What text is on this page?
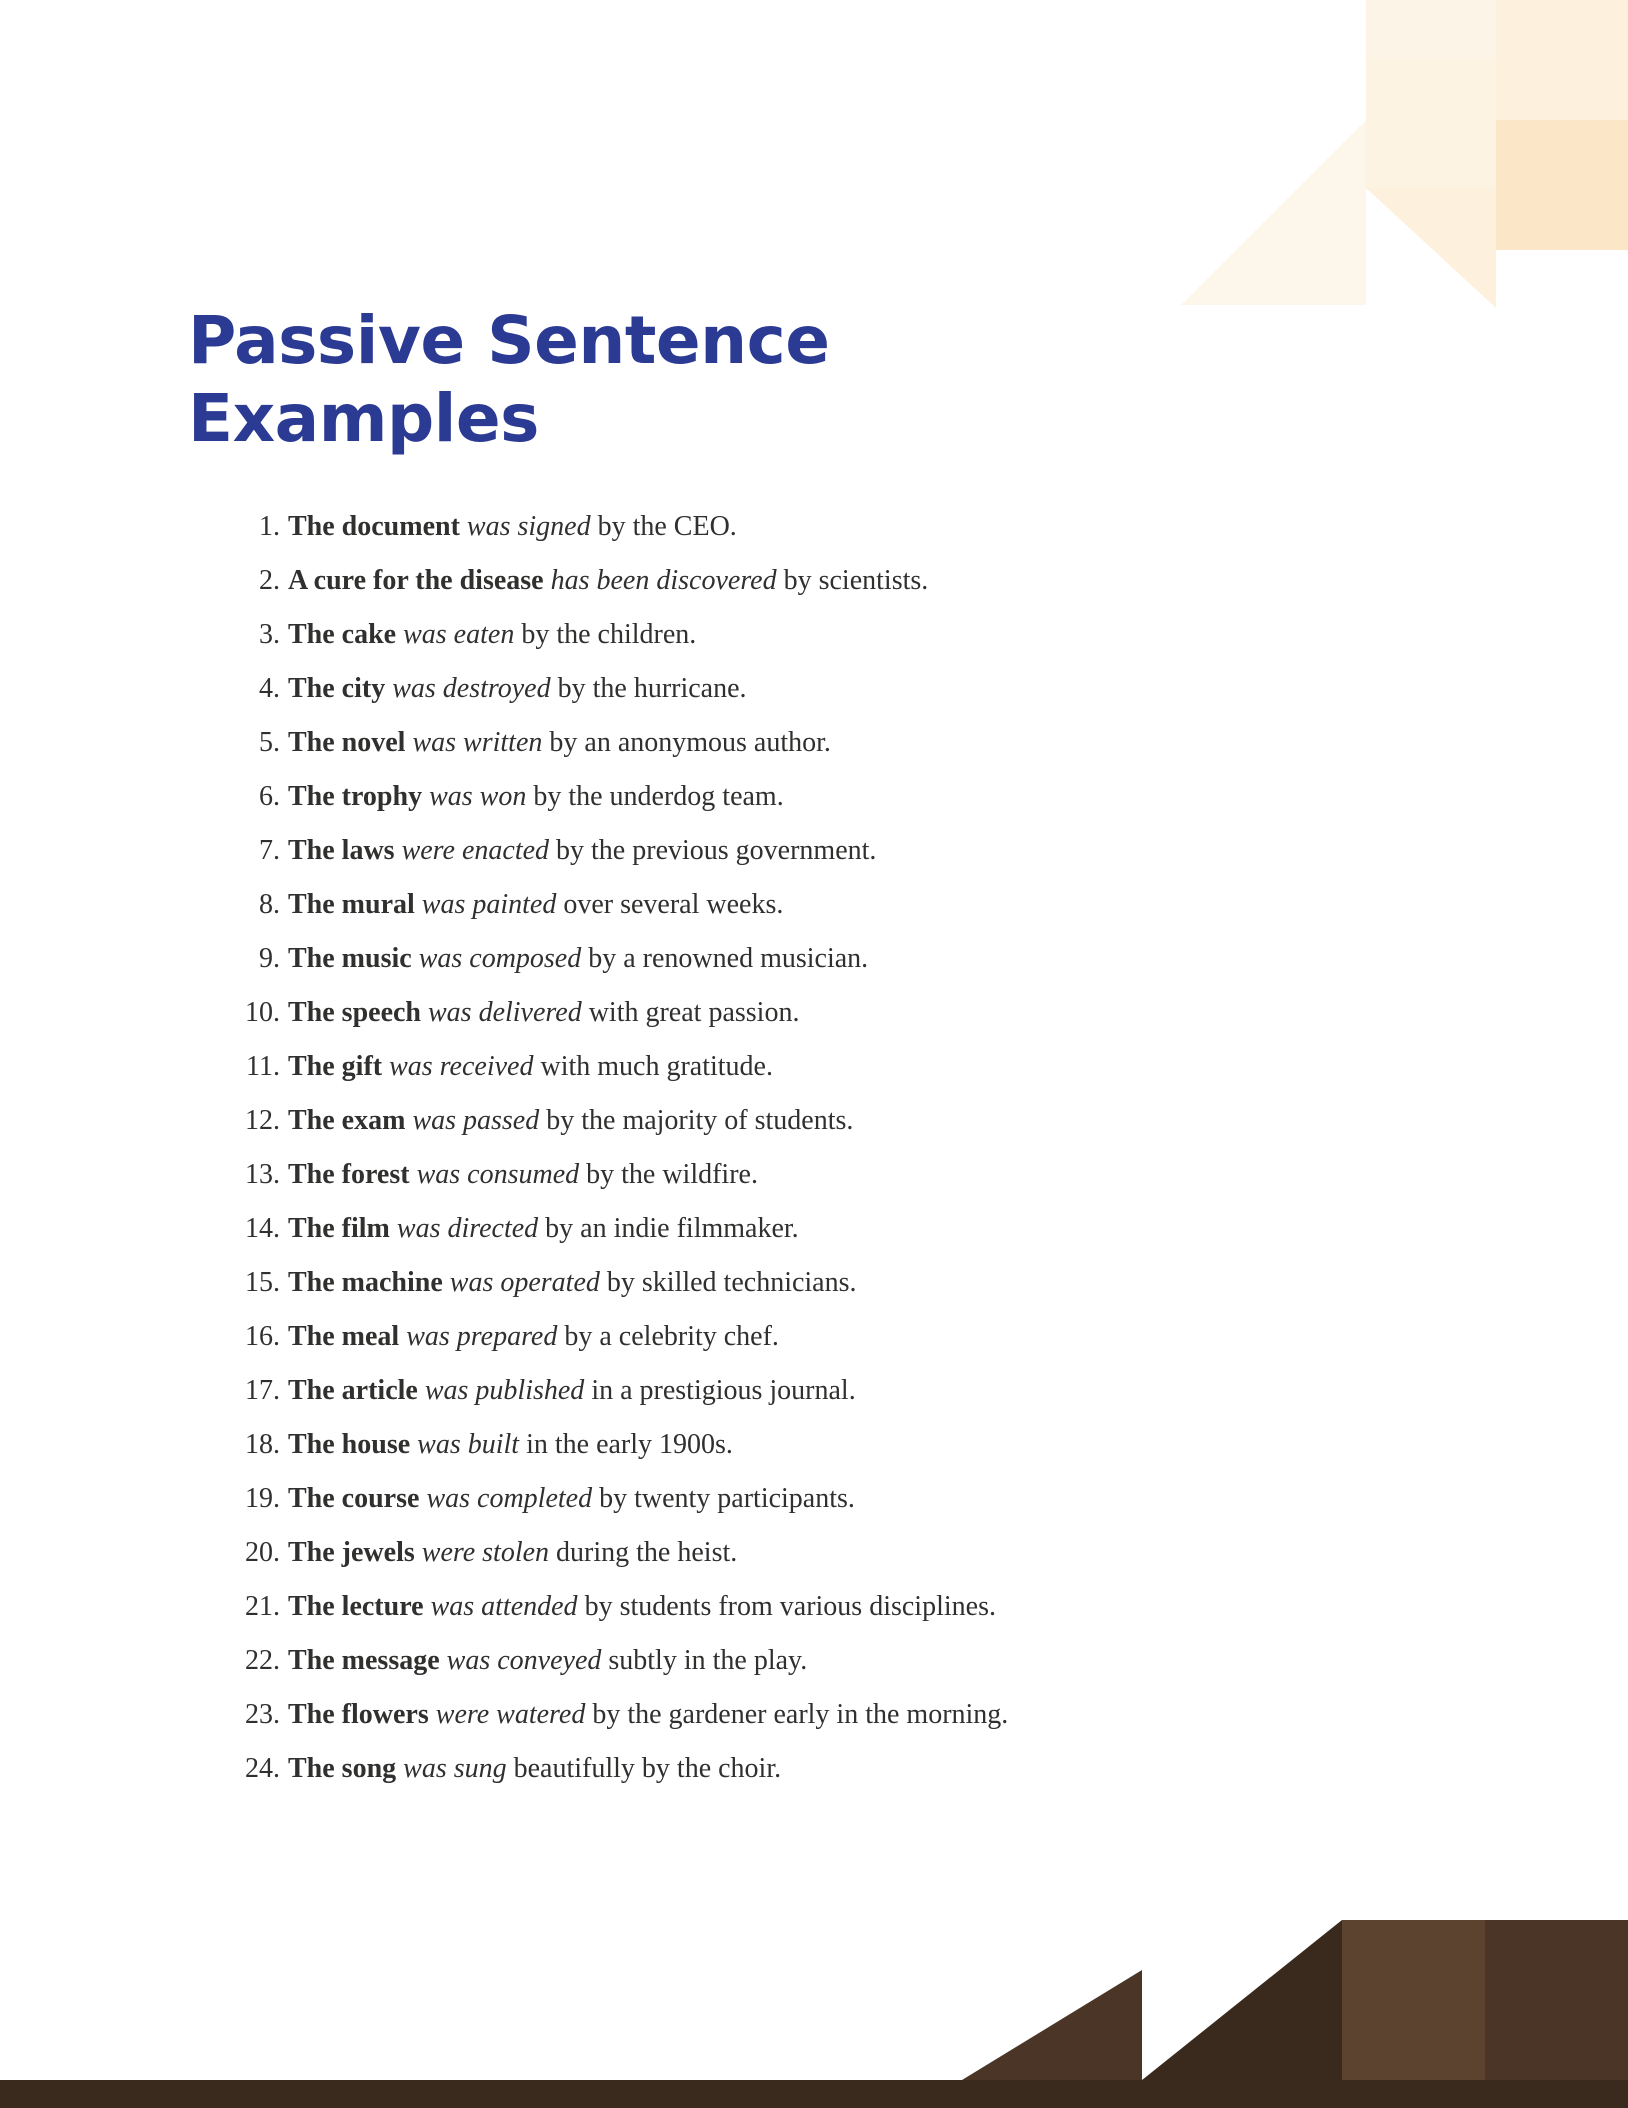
Passive Sentence Examples
The document was signed by the CEO.
A cure for the disease has been discovered by scientists.
The cake was eaten by the children.
The city was destroyed by the hurricane.
The novel was written by an anonymous author.
The trophy was won by the underdog team.
The laws were enacted by the previous government.
The mural was painted over several weeks.
The music was composed by a renowned musician.
The speech was delivered with great passion.
The gift was received with much gratitude.
The exam was passed by the majority of students.
The forest was consumed by the wildfire.
The film was directed by an indie filmmaker.
The machine was operated by skilled technicians.
The meal was prepared by a celebrity chef.
The article was published in a prestigious journal.
The house was built in the early 1900s.
The course was completed by twenty participants.
The jewels were stolen during the heist.
The lecture was attended by students from various disciplines.
The message was conveyed subtly in the play.
The flowers were watered by the gardener early in the morning.
The song was sung beautifully by the choir.
